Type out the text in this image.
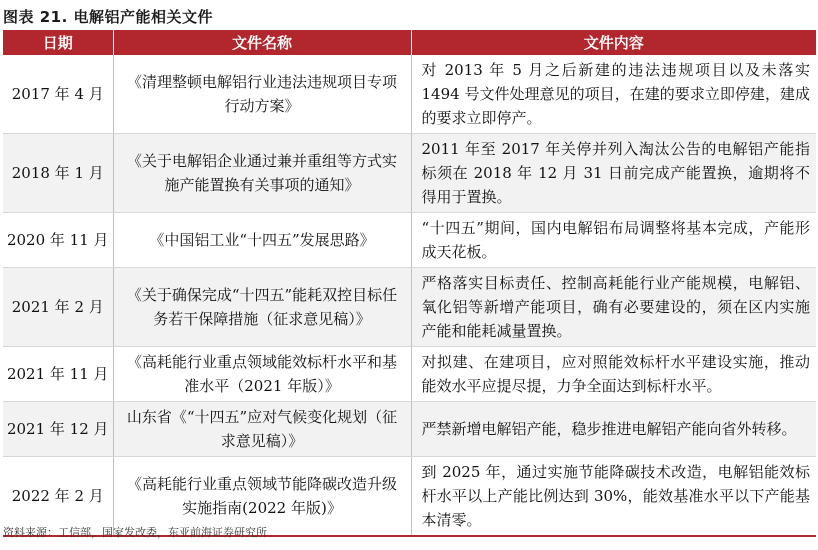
图表 21. 电解铝产能相关文件
日期	文件名称	文件内容
2017 年 4 月	《清理整顿电解铝行业违法违规项目专项行动方案》	对 2013 年 5 月之后新建的违法违规项目以及未落实 1494 号文件处理意见的项目，在建的要求立即停建，建成的要求立即停产。
2018 年 1 月	《关于电解铝企业通过兼并重组等方式实施产能置换有关事项的通知》	2011 年至 2017 年关停并列入淘汰公告的电解铝产能指标须在 2018 年 12 月 31 日前完成产能置换，逾期将不得用于置换。
2020 年 11 月	《中国铝工业“十四五”发展思路》	“十四五”期间，国内电解铝布局调整将基本完成，产能形成天花板。
2021 年 2 月	《关于确保完成“十四五”能耗双控目标任务若干保障措施（征求意见稿）》	严格落实目标责任、控制高耗能行业产能规模，电解铝、氧化铝等新增产能项目，确有必要建设的，须在区内实施产能和能耗减量置换。
2021 年 11 月	《高耗能行业重点领域能效标杆水平和基准水平（2021 年版）》	对拟建、在建项目，应对照能效标杆水平建设实施，推动能效水平应提尽提，力争全面达到标杆水平。
2021 年 12 月	山东省《“十四五”应对气候变化规划（征求意见稿）》	严禁新增电解铝产能，稳步推进电解铝产能向省外转移。
2022 年 2 月	《高耗能行业重点领域节能降碳改造升级实施指南(2022 年版)》	到 2025 年，通过实施节能降碳技术改造，电解铝能效标杆水平以上产能比例达到 30%，能效基准水平以下产能基本清零。
资料来源：工信部，国家发改委，东亚前海证券研究所
